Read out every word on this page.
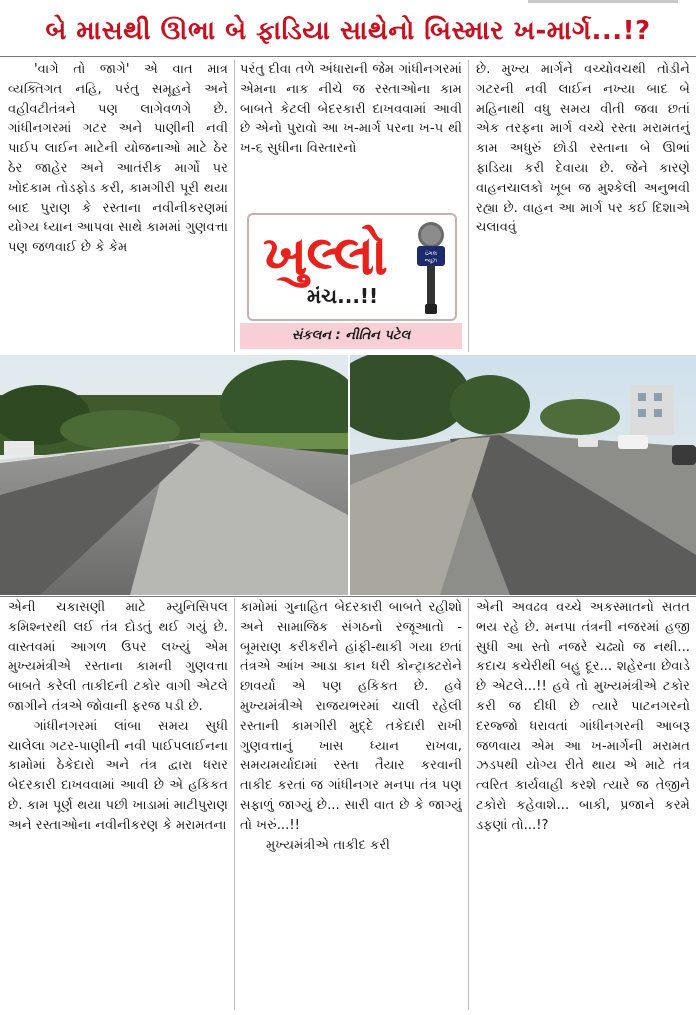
બે માસથી ઊભા બે ફાડિયા સાથેનો બિસ્માર ખ-માર્ગ...!?

'વાગે તો જાગે' એ વાત માત્ર વ્યક્તિગત નહિ, પરંતુ સમૂહને અને વહીવટીતંત્રને પણ લાગેવળગે છે. ગાંધીનગરમાં ગટર અને પાણીની નવી પાઈપ લાઈન માટેની યોજનાઓ માટે ઠેર ઠેર જાહેર અને આતંરીક માર્ગો પર ખોદકામ તોડફોડ કરી, કામગીરી પૂરી થયા બાદ પુરાણ કે રસ્તાના નવીનીકરણમાં યોગ્ય ધ્યાન આપવા સાથે કામમાં ગુણવત્તા પણ જળવાઈ છે કે કેમ

પરંતુ દીવા તળે અંધારાની જેમ ગાંધીનગરમાં એમના નાક નીચે જ રસ્તાઓના કામ બાબતે કેટલી બેદરકારી દાખવવામાં આવી છે એનો પુરાવો આ ખ-માર્ગ પરના ખ-૫ થી ખ-૬ સુધીના વિસ્તારનો

ખુલ્લો
મંચ...!!
ઇંગલ
ન્યૂઝ
સંકલન : નીતિન પટેલ

છે. મુખ્ય માર્ગને વચ્ચોવચથી તોડીને ગટરની નવી લાઈન નખ્યા બાદ બે મહિનાથી વધુ સમય વીતી જવા છતાં એક તરફના માર્ગ વચ્ચે રસ્તા મરામતનું કામ અધુરું છોડી રસ્તાના બે ઊભાં ફાડિયા કરી દેવાયા છે. જેને કારણે વાહનચાલકો ખૂબ જ મુશ્કેલી અનુભવી રહ્યા છે. વાહન આ માર્ગ પર કઈ દિશાએ ચલાવવું

એની ચકાસણી માટે મ્યુનિસિપલ કમિશ્નરથી લઈ તંત્ર દોડતું થઈ ગયું છે. વાસ્તવમાં આગળ ઉપર લખ્યું એમ મુખ્યમંત્રીએ રસ્તાના કામની ગુણવત્તા બાબતે કરેલી તાકીદની ટકોર વાગી એટલે જાગીને તંત્રએ જોવાની ફરજ પડી છે.

ગાંધીનગરમાં લાંબા સમય સુધી ચાલેલા ગટર-પાણીની નવી પાઈપલાઈનના કામોમાં ઠેકેદારો અને તંત્ર દ્વારા ધરાર બેદરકારી દાખવવામાં આવી છે એ હકિકત છે. કામ પૂર્ણ થયા પછી ખાડામાં માટીપુરાણ અને રસ્તાઓના નવીનીકરણ કે મરામતના

કામોમાં ગુનાહિત બેદરકારી બાબતે રહીશો અને સામાજિક સંગઠનો રજૂઆતો - બૂમરાણ કરીકરીને હાંફી-થાકી ગયા છતાં તંત્રએ આંખ આડા કાન ધરી કોન્ટ્રાક્ટરોને છાવર્યા એ પણ હકિકત છે. હવે મુખ્યમંત્રીએ રાજયભરમાં ચાલી રહેલી રસ્તાની કામગીરી મુદ્દે તકેદારી રાખી ગુણવત્તાનું ખાસ ધ્યાન રાખવા, સમયમર્યાદામાં રસ્તા તૈયાર કરવાની તાકીદ કરતાં જ ગાંધીનગર મનપા તંત્ર પણ સફાળું જાગ્યું છે... સારી વાત છે કે જાગ્યું તો ખરું...!!

મુખ્યમંત્રીએ તાકીદ કરી

એની અવઢવ વચ્ચે અકસ્માતનો સતત ભય રહે છે. મનપા તંત્રની નજરમાં હજી સુધી આ સ્તો નજરે ચઢ્યો જ નથી... કદાચ કચેરીથી બહુ દૂર... શહેરના છેવાડે છે એટલે...!! હવે તો મુખ્યમંત્રીએ ટકોર કરી જ દીધી છે ત્યારે પાટનગરનો દરજ્જો ધરાવતાં ગાંધીનગરની આબરૂ જળવાય એમ આ ખ-માર્ગની મરામત ઝડપથી યોગ્ય રીતે થાય એ માટે તંત્ર ત્વરિત કાર્યવાહી કરશે ત્યારે જ તેજીને ટકોરો કહેવાશે... બાકી, પ્રજાને કરમે ડફણાં તો...!?
